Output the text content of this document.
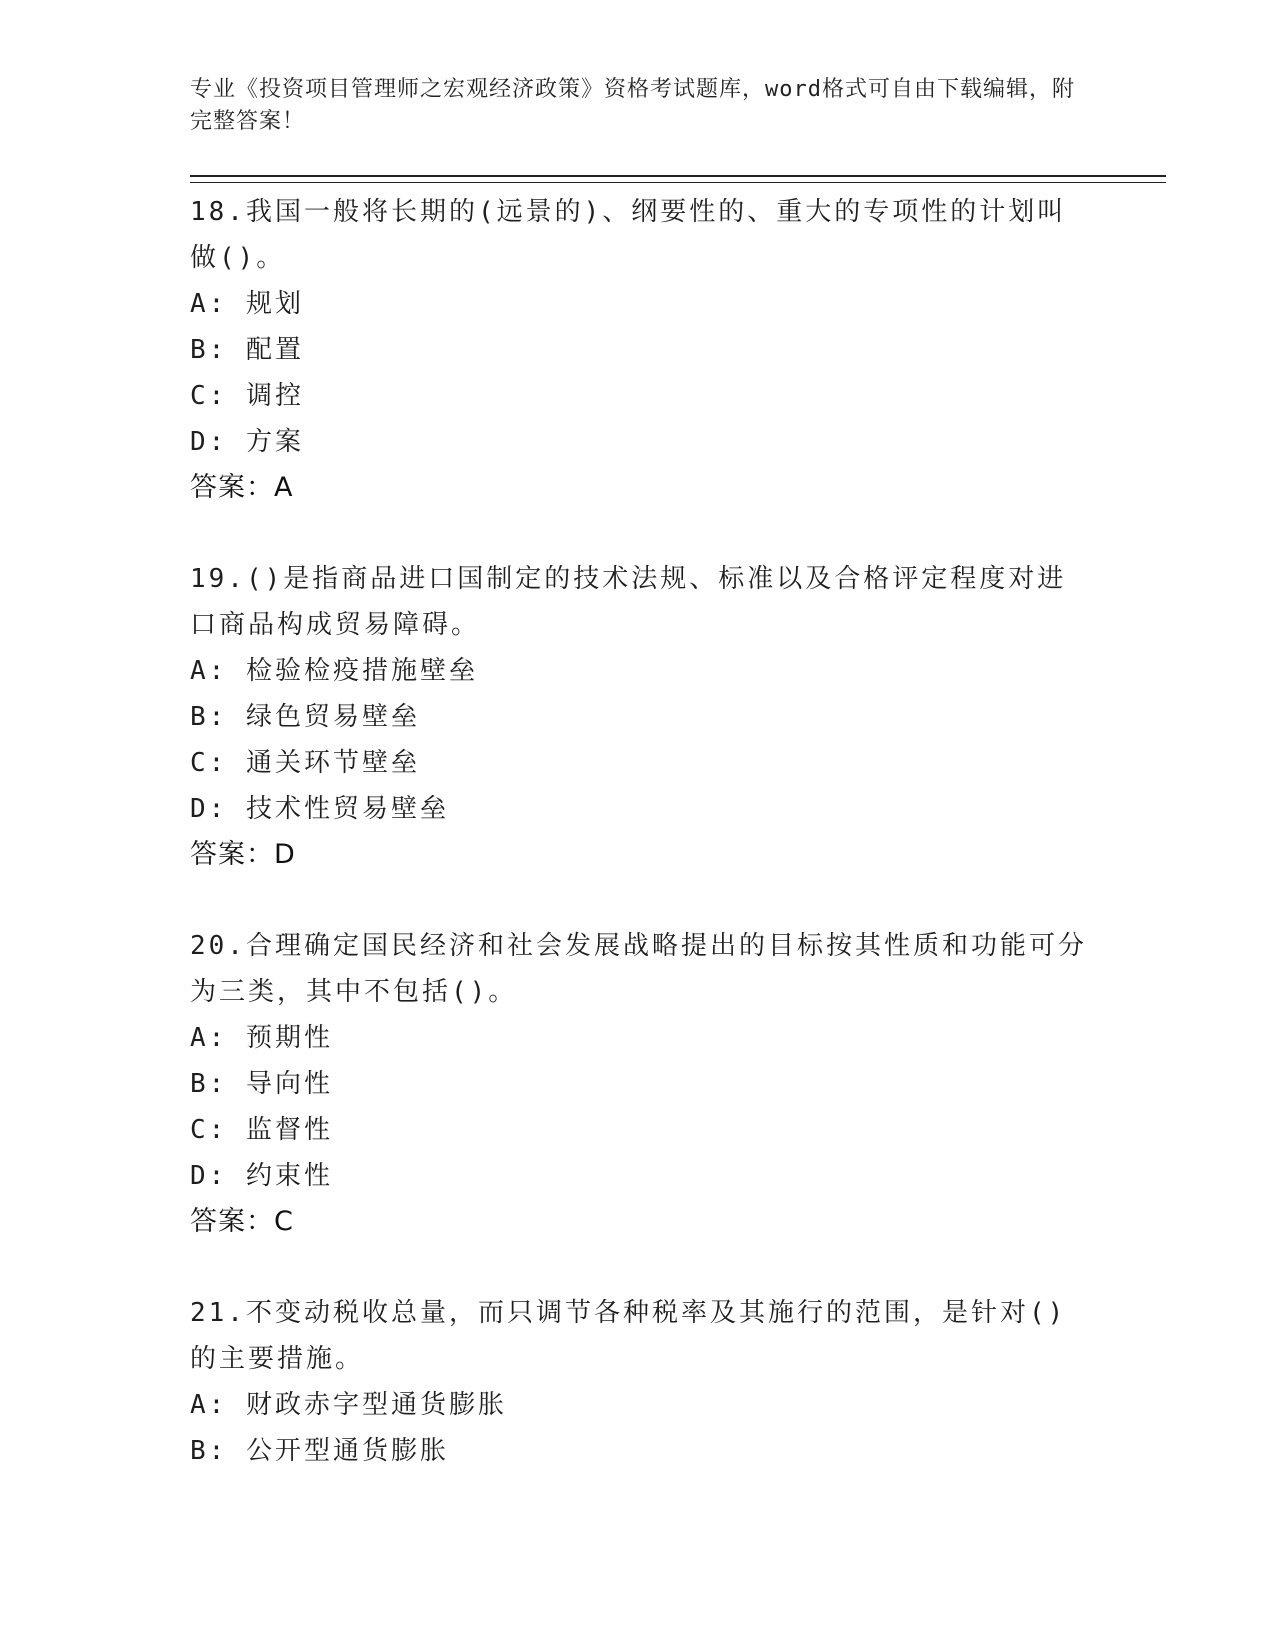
专业《投资项目管理师之宏观经济政策》资格考试题库，word格式可自由下载编辑，附完整答案！
18.我国一般将长期的(远景的)、纲要性的、重大的专项性的计划叫做()。
A: 规划
B: 配置
C: 调控
D: 方案
答案：A
19.()是指商品进口国制定的技术法规、标准以及合格评定程度对进口商品构成贸易障碍。
A: 检验检疫措施壁垒
B: 绿色贸易壁垒
C: 通关环节壁垒
D: 技术性贸易壁垒
答案：D
20.合理确定国民经济和社会发展战略提出的目标按其性质和功能可分为三类，其中不包括()。
A: 预期性
B: 导向性
C: 监督性
D: 约束性
答案：C
21.不变动税收总量，而只调节各种税率及其施行的范围，是针对()的主要措施。
A: 财政赤字型通货膨胀
B: 公开型通货膨胀
